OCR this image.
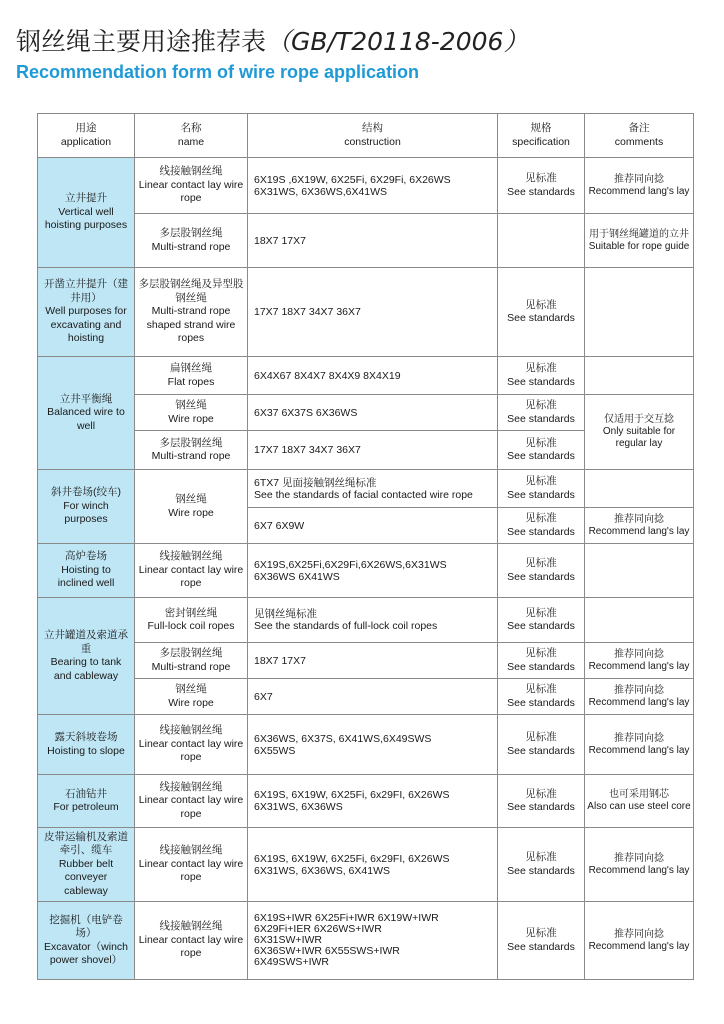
钢丝绳主要用途推荐表（GB/T20118-2006）
Recommendation form of wire rope application
用途
application	名称
name	结构
construction	规格
specification	备注
comments

立井提升
Vertical well hoisting purposes	线接触钢丝绳
Linear contact lay wire rope	6X19S ,6X19W, 6X25Fi, 6X29Fi, 6X26WS
6X31WS, 6X36WS,6X41WS	见标准
See standards	推荐同向捻
Recommend lang's lay

	多层股钢丝绳
Multi-strand rope	18X7 17X7		用于钢丝绳罐道的立井
Suitable for rope guide

开凿立井提升（建井用）
Well purposes for excavating and hoisting	多层股钢丝绳及异型股钢丝绳
Multi-strand rope shaped strand wire ropes	17X7 18X7 34X7 36X7	见标准
See standards	

立井平衡绳
Balanced wire to well	扁钢丝绳
Flat ropes	6X4X67 8X4X7 8X4X9 8X4X19	见标准
See standards	

	钢丝绳
Wire rope	6X37 6X37S 6X36WS	见标准
See standards	仅适用于交互捻
Only suitable for regular lay

	多层股钢丝绳
Multi-strand rope	17X7 18X7 34X7 36X7	见标准
See standards	

斜井卷场(绞车)
For winch purposes	钢丝绳
Wire rope	6TX7 见面接触钢丝绳标准
See the standards of facial contacted wire rope	见标准
See standards	

		6X7 6X9W	见标准
See standards	推荐同向捻
Recommend lang's lay

高炉卷场
Hoisting to inclined well	线接触钢丝绳
Linear contact lay wire rope	6X19S,6X25Fi,6X29Fi,6X26WS,6X31WS
6X36WS 6X41WS	见标准
See standards	

立井罐道及索道承重
Bearing to tank and cableway	密封钢丝绳
Full-lock coil ropes	见钢丝绳标准
See the standards of full-lock coil ropes	见标准
See standards	

	多层股钢丝绳
Multi-strand rope	18X7 17X7	见标准
See standards	推荐同向捻
Recommend lang's lay

	钢丝绳
Wire rope	6X7	见标准
See standards	推荐同向捻
Recommend lang's lay

露天斜坡卷场
Hoisting to slope	线接触钢丝绳
Linear contact lay wire rope	6X36WS, 6X37S, 6X41WS,6X49SWS
6X55WS	见标准
See standards	推荐同向捻
Recommend lang's lay

石油钻井
For petroleum	线接触钢丝绳
Linear contact lay wire rope	6X19S, 6X19W, 6X25Fi, 6x29FI, 6X26WS
6X31WS, 6X36WS	见标准
See standards	也可采用钢芯
Also can use steel core

皮带运输机及索道牵引、缆车
Rubber belt conveyer cableway	线接触钢丝绳
Linear contact lay wire rope	6X19S, 6X19W, 6X25Fi, 6x29FI, 6X26WS
6X31WS, 6X36WS, 6X41WS	见标准
See standards	推荐同向捻
Recommend lang's lay

挖掘机（电铲卷场）
Excavator（winch power shovel）	线接触钢丝绳
Linear contact lay wire rope	6X19S+IWR 6X25Fi+IWR 6X19W+IWR
6X29Fi+IER 6X26WS+IWR
6X31SW+IWR
6X36SW+IWR 6X55SWS+IWR
6X49SWS+IWR	见标准
See standards	推荐同向捻
Recommend lang's lay
